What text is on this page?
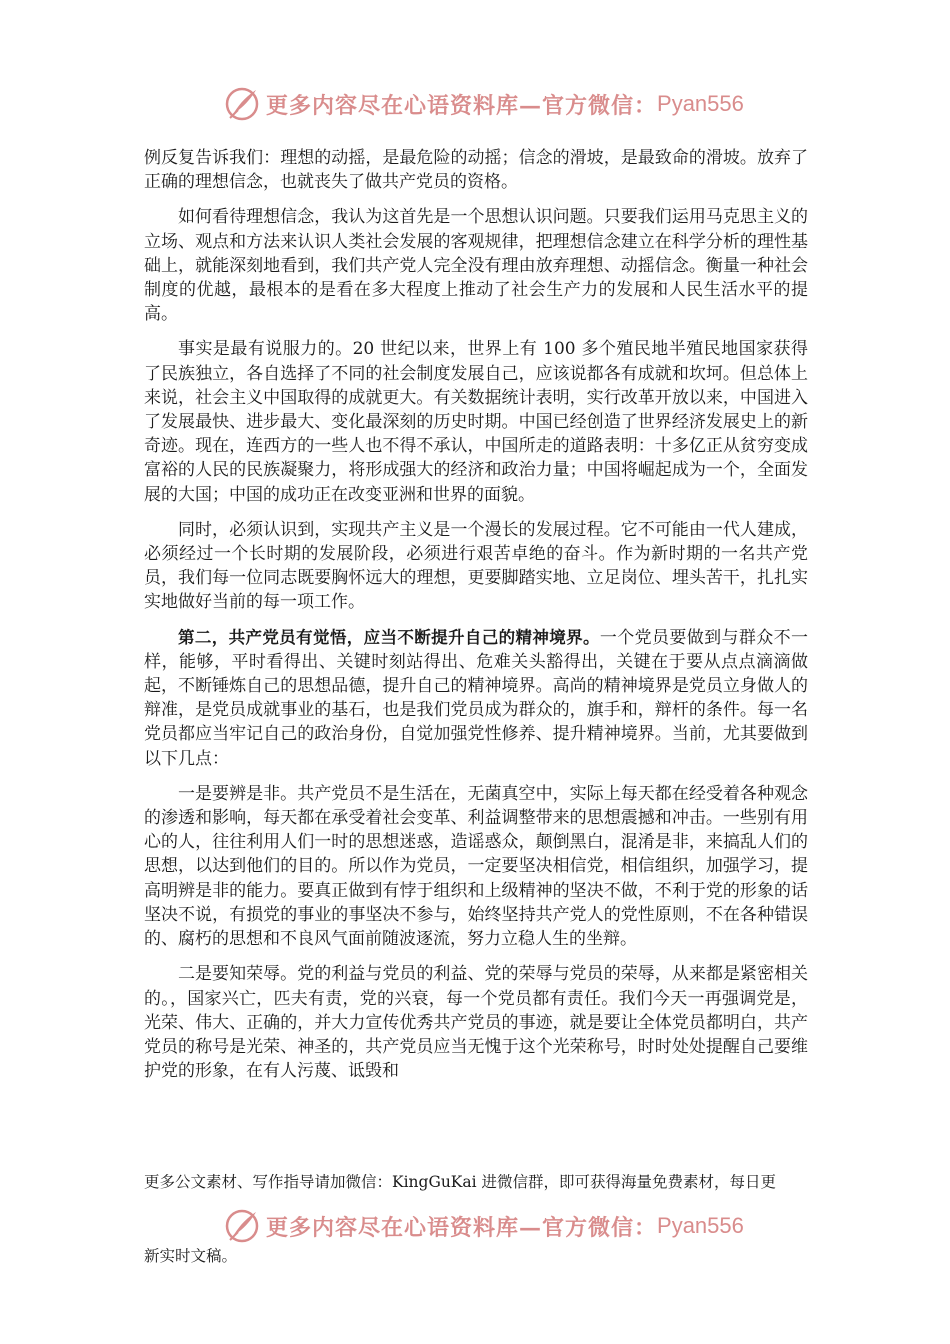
更多内容尽在心语资料库—官方微信： Pyan556

例反复告诉我们：理想的动摇，是最危险的动摇；信念的滑坡，是最致命的滑坡。放弃了正确的理想信念，也就丧失了做共产党员的资格。

如何看待理想信念，我认为这首先是一个思想认识问题。只要我们运用马克思主义的立场、观点和方法来认识人类社会发展的客观规律，把理想信念建立在科学分析的理性基础上，就能深刻地看到，我们共产党人完全没有理由放弃理想、动摇信念。衡量一种社会制度的优越，最根本的是看在多大程度上推动了社会生产力的发展和人民生活水平的提高。

事实是最有说服力的。20 世纪以来，世界上有 100 多个殖民地半殖民地国家获得了民族独立，各自选择了不同的社会制度发展自己，应该说都各有成就和坎坷。但总体上来说，社会主义中国取得的成就更大。有关数据统计表明，实行改革开放以来，中国进入了发展最快、进步最大、变化最深刻的历史时期。中国已经创造了世界经济发展史上的新奇迹。现在，连西方的一些人也不得不承认，中国所走的道路表明：十多亿正从贫穷变成富裕的人民的民族凝聚力，将形成强大的经济和政治力量；中国将崛起成为一个，全面发展的大国；中国的成功正在改变亚洲和世界的面貌。

同时，必须认识到，实现共产主义是一个漫长的发展过程。它不可能由一代人建成，必须经过一个长时期的发展阶段，必须进行艰苦卓绝的奋斗。作为新时期的一名共产党员，我们每一位同志既要胸怀远大的理想，更要脚踏实地、立足岗位、埋头苦干，扎扎实实地做好当前的每一项工作。

第二，共产党员有觉悟，应当不断提升自己的精神境界。一个党员要做到与群众不一样，能够，平时看得出、关键时刻站得出、危难关头豁得出，关键在于要从点点滴滴做起，不断锤炼自己的思想品德，提升自己的精神境界。高尚的精神境界是党员立身做人的辩准，是党员成就事业的基石，也是我们党员成为群众的，旗手和，辩杆的条件。每一名党员都应当牢记自己的政治身份，自觉加强党性修养、提升精神境界。当前，尤其要做到以下几点：

一是要辨是非。共产党员不是生活在，无菌真空中，实际上每天都在经受着各种观念的渗透和影响，每天都在承受着社会变革、利益调整带来的思想震撼和冲击。一些别有用心的人，往往利用人们一时的思想迷惑，造谣惑众，颠倒黑白，混淆是非，来搞乱人们的思想，以达到他们的目的。所以作为党员，一定要坚决相信党，相信组织，加强学习，提高明辨是非的能力。要真正做到有悖于组织和上级精神的坚决不做，不利于党的形象的话坚决不说，有损党的事业的事坚决不参与，始终坚持共产党人的党性原则，不在各种错误的、腐朽的思想和不良风气面前随波逐流，努力立稳人生的坐辩。

二是要知荣辱。党的利益与党员的利益、党的荣辱与党员的荣辱，从来都是紧密相关的。，国家兴亡，匹夫有责，党的兴衰，每一个党员都有责任。我们今天一再强调党是，光荣、伟大、正确的，并大力宣传优秀共产党员的事迹，就是要让全体党员都明白，共产党员的称号是光荣、神圣的，共产党员应当无愧于这个光荣称号，时时处处提醒自己要维护党的形象，在有人污蔑、诋毁和

更多公文素材、写作指导请加微信：KingGuKai 进微信群，即可获得海量免费素材，每日更
更多内容尽在心语资料库—官方微信： Pyan556
新实时文稿。
